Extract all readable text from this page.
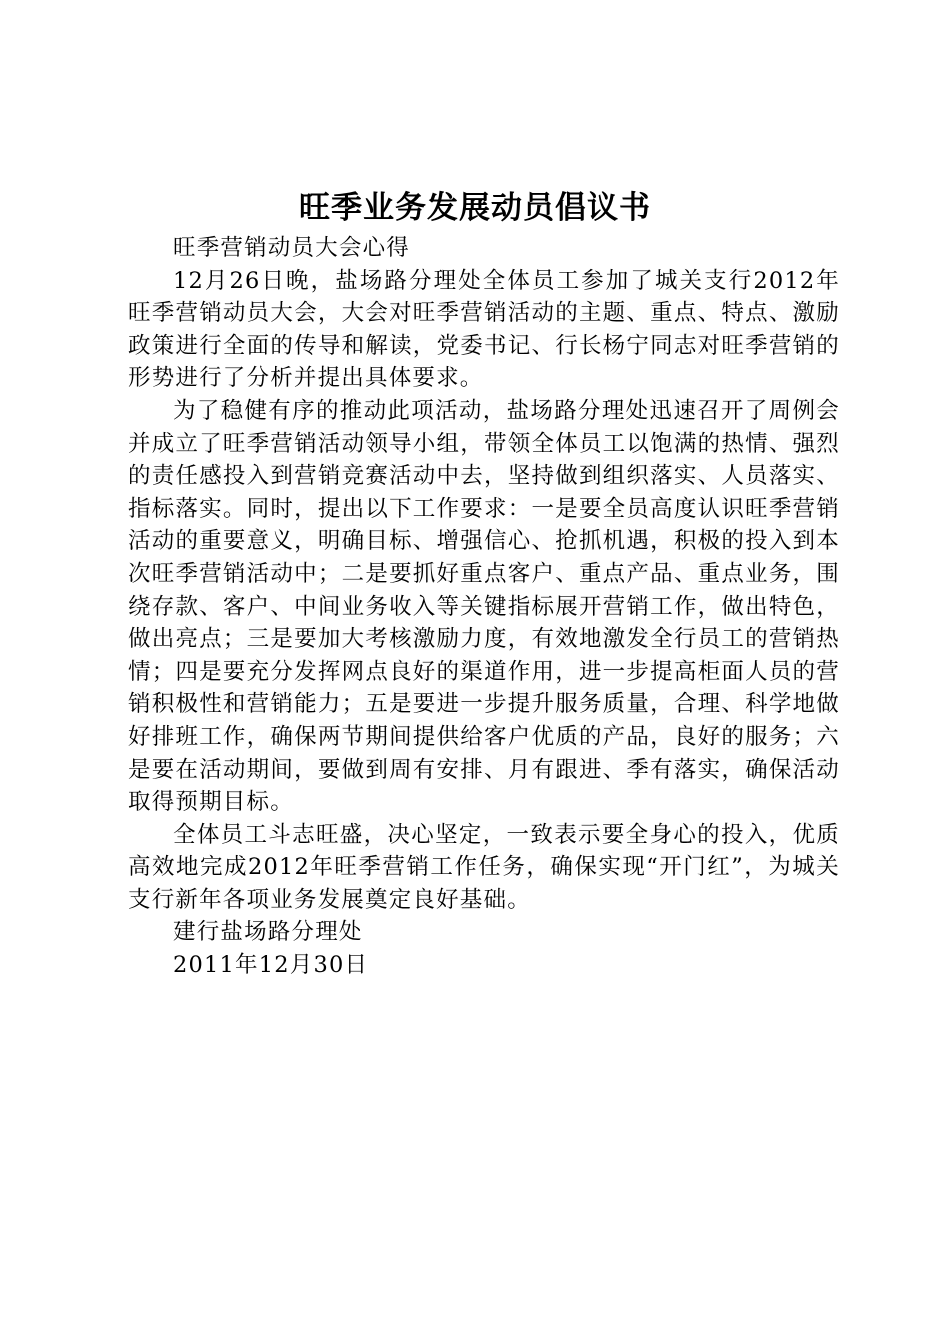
旺季业务发展动员倡议书

旺季营销动员大会心得

12月26日晚，盐场路分理处全体员工参加了城关支行2012年旺季营销动员大会，大会对旺季营销活动的主题、重点、特点、激励政策进行全面的传导和解读，党委书记、行长杨宁同志对旺季营销的形势进行了分析并提出具体要求。

为了稳健有序的推动此项活动，盐场路分理处迅速召开了周例会并成立了旺季营销活动领导小组，带领全体员工以饱满的热情、强烈的责任感投入到营销竞赛活动中去，坚持做到组织落实、人员落实、指标落实。同时，提出以下工作要求：一是要全员高度认识旺季营销活动的重要意义，明确目标、增强信心、抢抓机遇，积极的投入到本次旺季营销活动中；二是要抓好重点客户、重点产品、重点业务，围绕存款、客户、中间业务收入等关键指标展开营销工作，做出特色，做出亮点；三是要加大考核激励力度，有效地激发全行员工的营销热情；四是要充分发挥网点良好的渠道作用，进一步提高柜面人员的营销积极性和营销能力；五是要进一步提升服务质量，合理、科学地做好排班工作，确保两节期间提供给客户优质的产品，良好的服务；六是要在活动期间，要做到周有安排、月有跟进、季有落实，确保活动取得预期目标。

全体员工斗志旺盛，决心坚定，一致表示要全身心的投入，优质高效地完成2012年旺季营销工作任务，确保实现“开门红”，为城关支行新年各项业务发展奠定良好基础。

建行盐场路分理处

2011年12月30日
